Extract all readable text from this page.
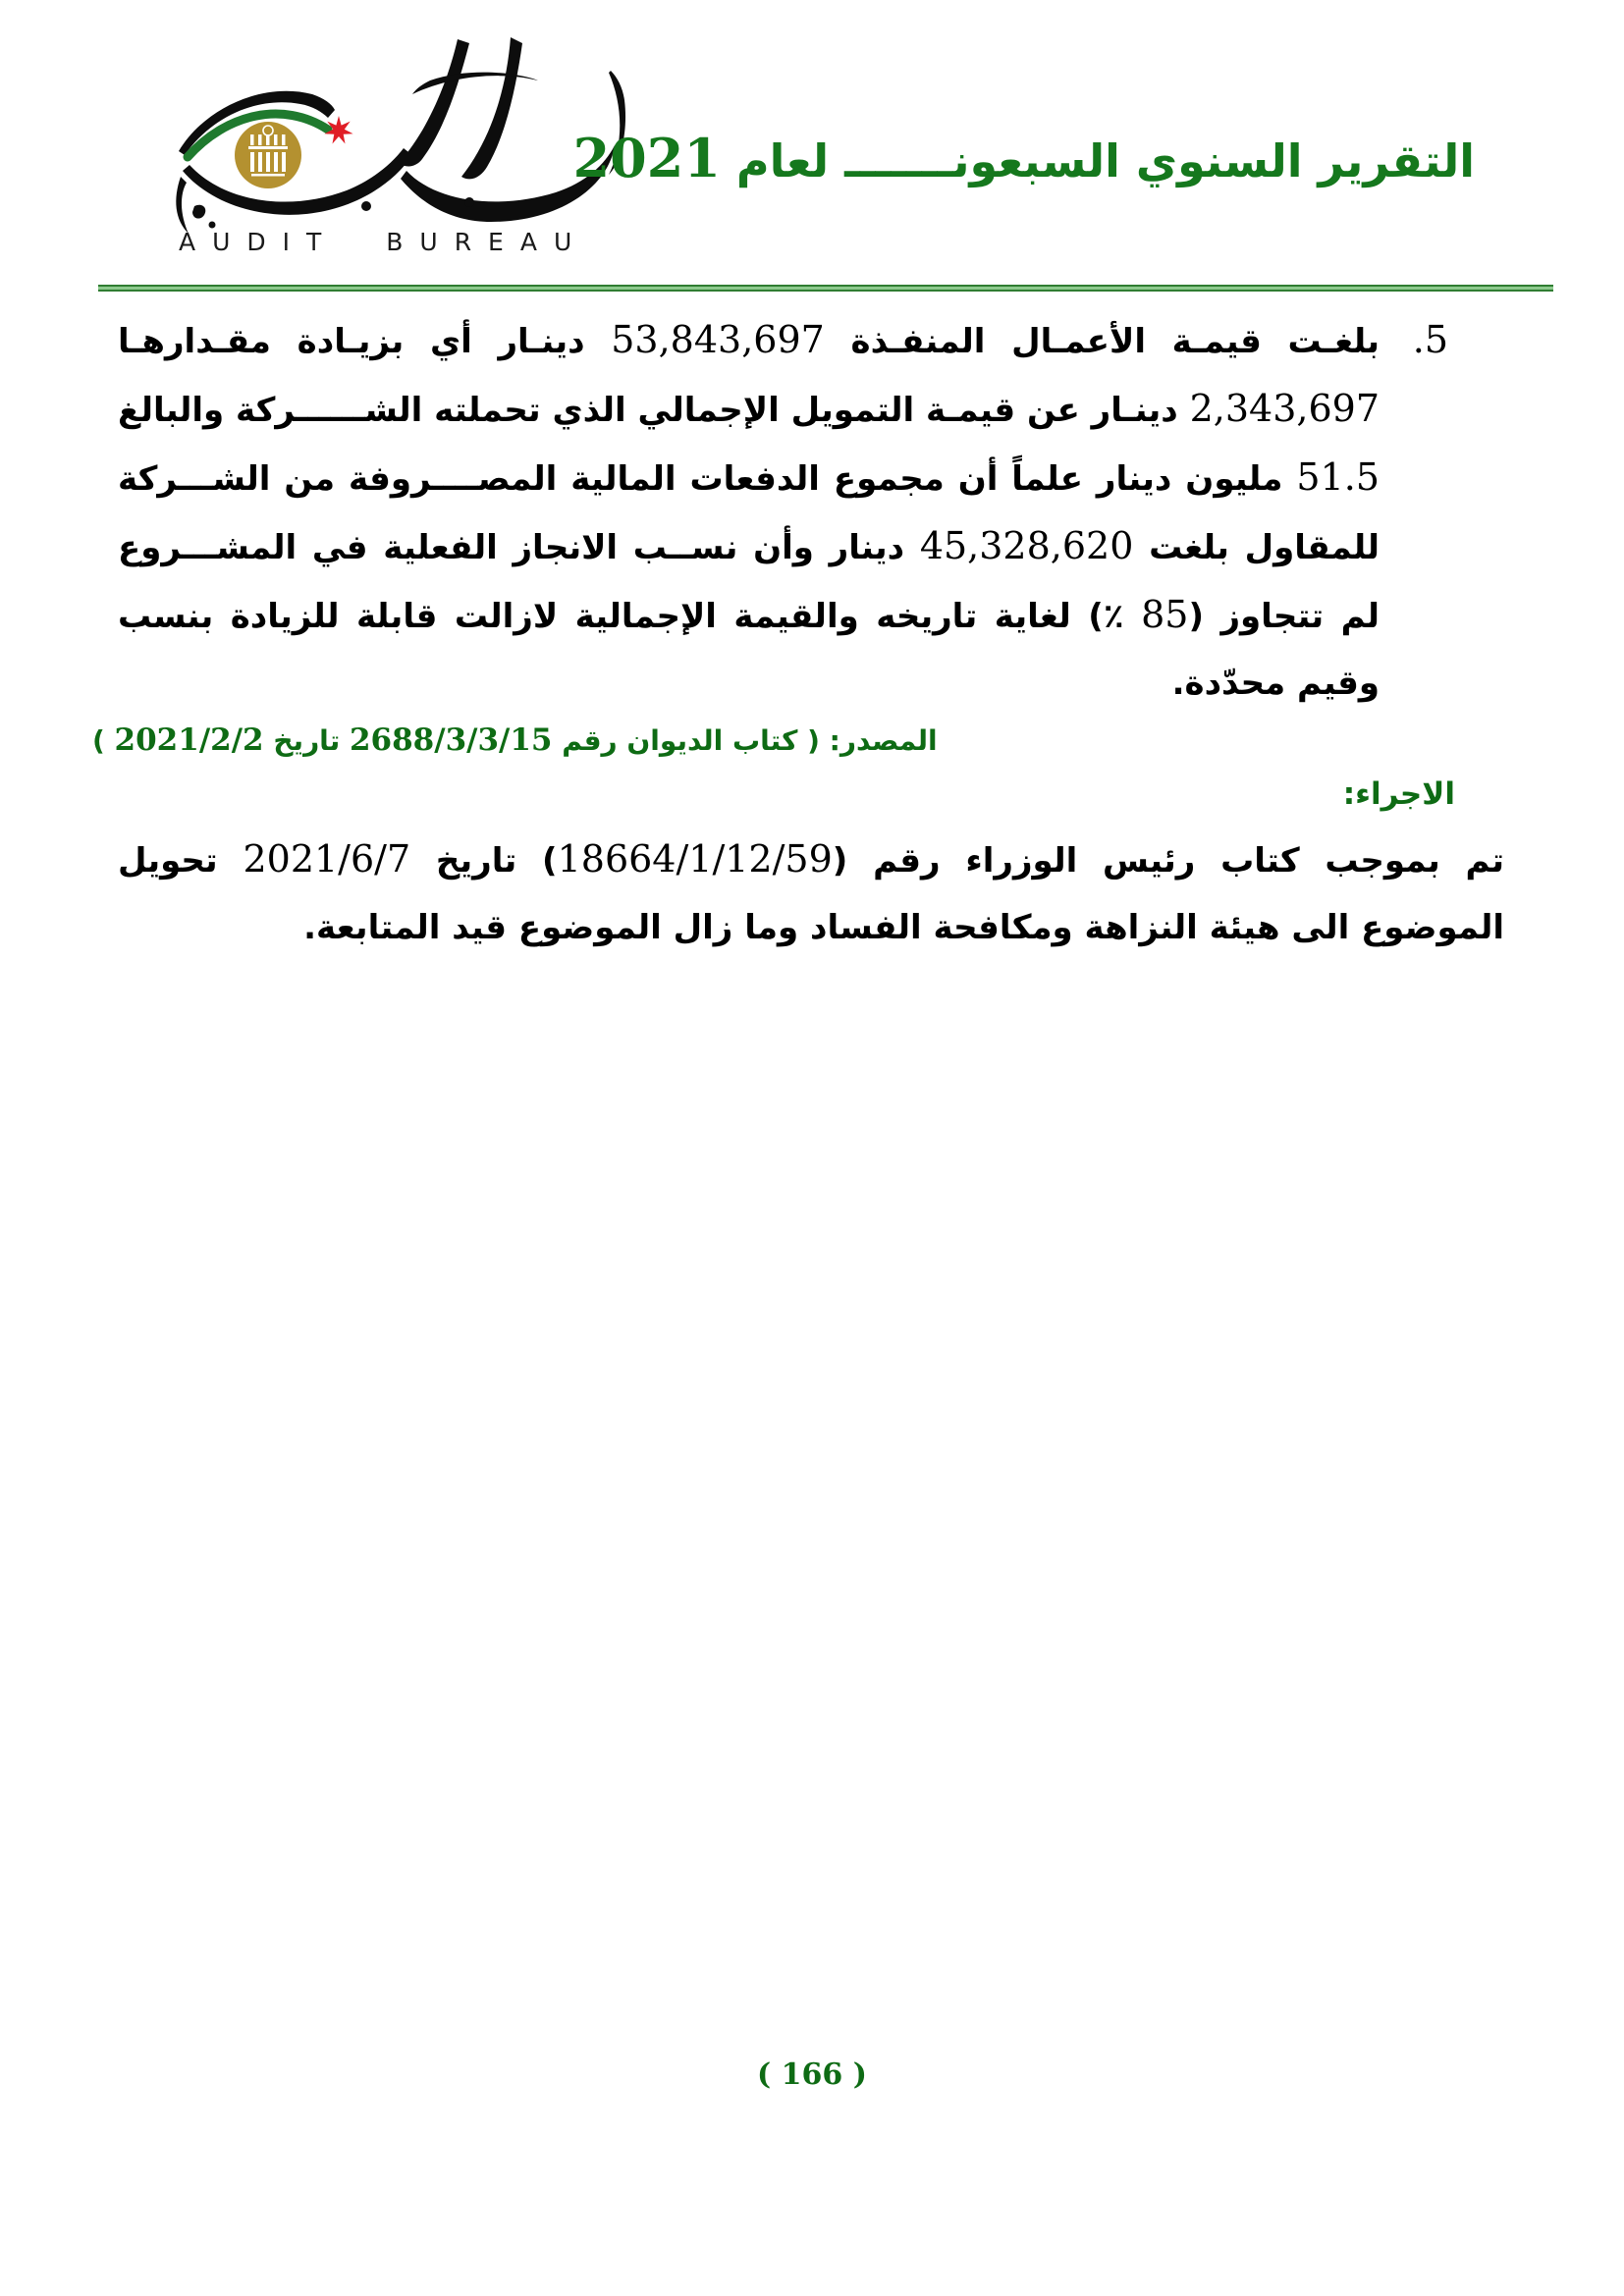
AUDIT BUREAU
التقرير السنوي السبعونـــــــ لعام 2021
5.

بلغـت قيمـة الأعمـال المنفـذة 53,843,697 دينـار أي بزيـادة مقـدارهـا 2,343,697 دينـار عن قيمـة التمويل الإجمالي الذي تحملته الشــــــركة والبالغ 51.5 مليون دينار علماً أن مجموع الدفعات المالية المصــــروفة من الشـــركة للمقاول بلغت 45,328,620 دينار وأن نســب الانجاز الفعلية في المشـــروع لم تتجاوز (85 ٪) لغاية تاريخه والقيمة الإجمالية لازالت قابلة للزيادة بنسب وقيم محدّدة.

المصدر: ( كتاب الديوان رقم 2688/3/3/15 تاريخ 2021/2/2 )

الاجراء:

تم بموجب كتاب رئيس الوزراء رقم (18664/1/12/59) تاريخ 2021/6/7 تحويل الموضوع الى هيئة النزاهة ومكافحة الفساد وما زال الموضوع قيد المتابعة.

( 166 )
